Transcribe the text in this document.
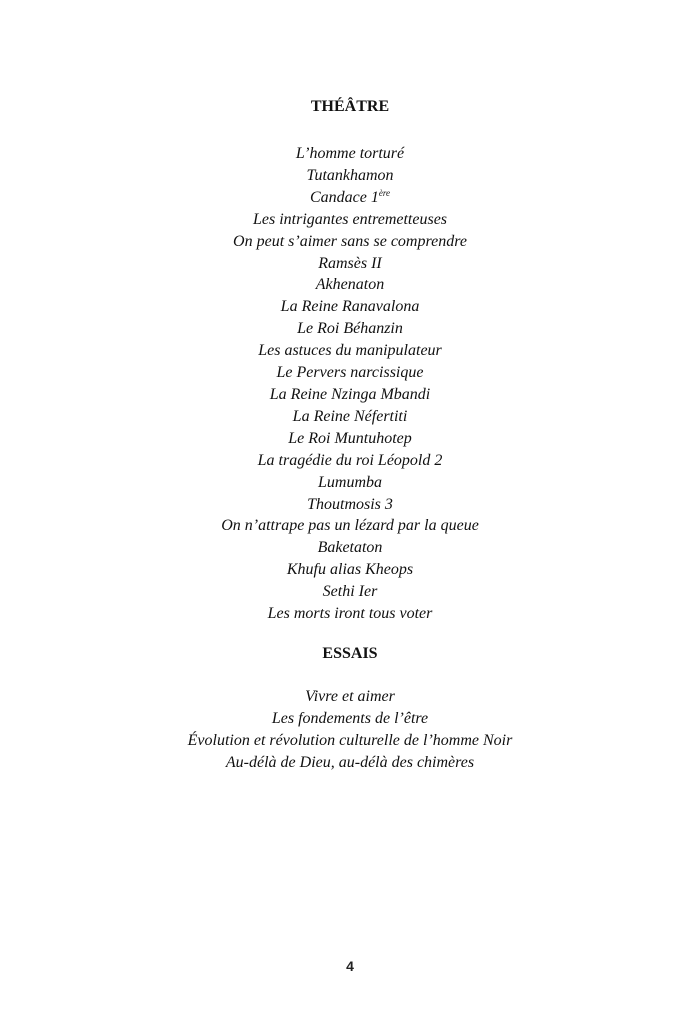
THÉÂTRE
L’homme torturé
Tutankhamon
Candace 1ère
Les intrigantes entremetteuses
On peut s’aimer sans se comprendre
Ramsès II
Akhenaton
La Reine Ranavalona
Le Roi Béhanzin
Les astuces du manipulateur
Le Pervers narcissique
La Reine Nzinga Mbandi
La Reine Néfertiti
Le Roi Muntuhotep
La tragédie du roi Léopold 2
Lumumba
Thoutmosis 3
On n’attrape pas un lézard par la queue
Baketaton
Khufu alias Kheops
Sethi Ier
Les morts iront tous voter
ESSAIS
Vivre et aimer
Les fondements de l’être
Évolution et révolution culturelle de l’homme Noir
Au-délà de Dieu, au-délà des chimères
4
